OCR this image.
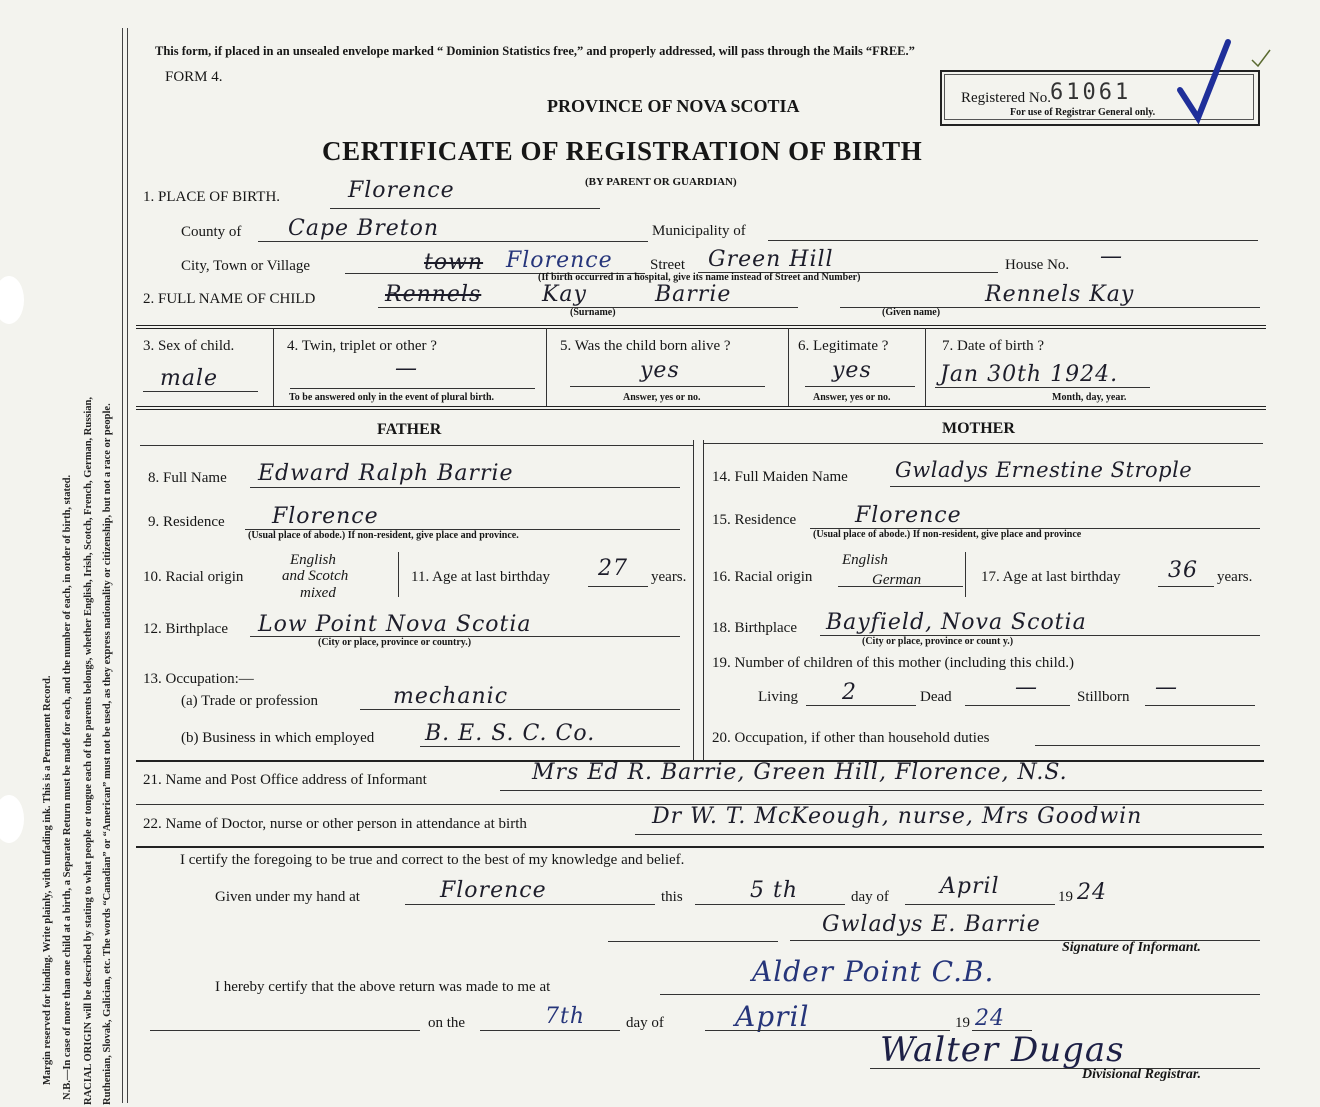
Margin reserved for binding. Write plainly, with unfading ink. This is a Permanent Record. N.B.—In case of more than one child at a birth, a Separate Return must be made for each, and the number of each, in order of birth, stated. RACIAL ORIGIN will be described by stating to what people or tongue each of the parents belongs, whether English, Irish, Scotch, French, German, Russian, Ruthenian, Slovak, Galician, etc. The words “Canadian” or “American” must not be used, as they express nationality or citizenship, but not a race or people.
This form, if placed in an unsealed envelope marked “ Dominion Statistics free,” and properly addressed, will pass through the Mails “FREE.”
FORM 4.
PROVINCE OF NOVA SCOTIA
CERTIFICATE OF REGISTRATION OF BIRTH
(BY PARENT OR GUARDIAN)
Registered No. 61061
For use of Registrar General only.
1. PLACE OF BIRTH.	Florence
County of Cape Breton	Municipality of
City, Town or Village	town Florence Street Green Hill	House No. —
(If birth occurred in a hospital, give its name instead of Street and Number)
2. FULL NAME OF CHILD	Rennels	Kay	Barrie	Rennels Kay
(Surname)	(Given name)
3. Sex of child.
male
4. Twin, triplet or other ?
—
To be answered only in the event of plural birth.
5. Was the child born alive ?
yes
Answer, yes or no.
6. Legitimate ?
yes
Answer, yes or no.
7. Date of birth ?
Jan 30th 1924.
Month, day, year.
FATHER
8. Full Name Edward Ralph Barrie
9. Residence Florence
(Usual place of abode.) If non-resident, give place and province.
10. Racial origin
English
and Scotch
mixed
11. Age at last birthday 27 years.
12. Birthplace Low Point Nova Scotia
(City or place, province or country.)
13. Occupation:—
(a) Trade or profession	mechanic
(b) Business in which employed B. E. S. C. Co.
MOTHER
14. Full Maiden Name Gwladys Ernestine Strople
15. Residence	Florence
(Usual place of abode.) If non-resident, give place and province
16. Racial origin
English
German	17. Age at last birthday 36 years.
18. Birthplace Bayfield, Nova Scotia
(City or place, province or count y.)
19. Number of children of this mother (including this child.)
Living 2	Dead	—	Stillborn —
20. Occupation, if other than household duties
21. Name and Post Office address of Informant	Mrs Ed R. Barrie, Green Hill, Florence, N.S.
22. Name of Doctor, nurse or other person in attendance at birth	Dr W. T. McKeough, nurse, Mrs Goodwin
I certify the foregoing to be true and correct to the best of my knowledge and belief.
Given under my hand at	Florence	this	5 th	day of April	19 24
Gwladys E. Barrie
Signature of Informant.
I hereby certify that the above return was made to me at	Alder Point C.B.
on the	7th	day of	April	19 24
Walter Dugas
Divisional Registrar.
